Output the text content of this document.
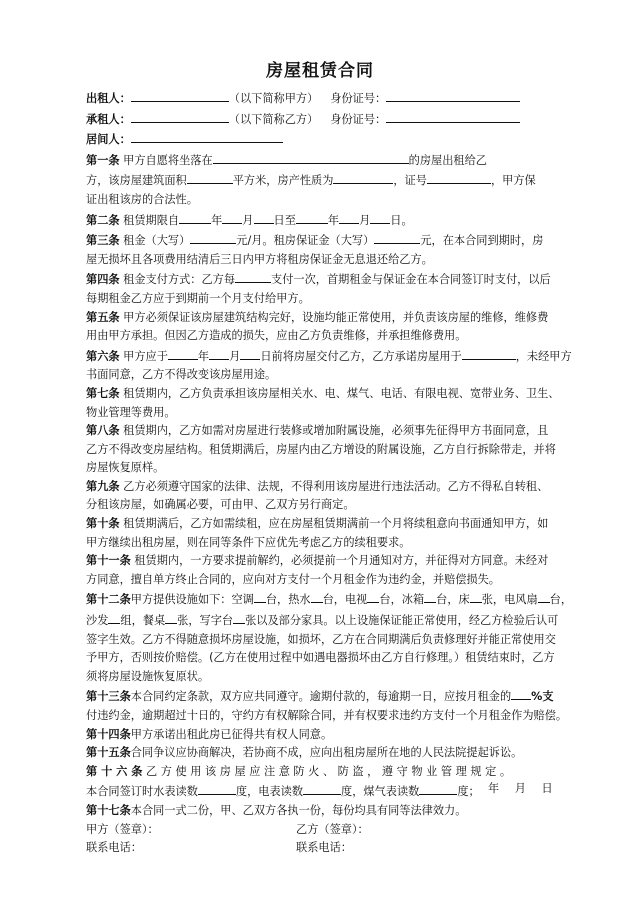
房屋租赁合同
出租人：	（以下简称甲方） 身份证号：
承租人：	（以下简称乙方） 身份证号：
居间人：
第一条 甲方自愿将坐落在	的房屋出租给乙
方，该房屋建筑面积	平方米，房产性质为	，证号	，甲方保
证出租该房的合法性。
第二条 租赁期限自	年 月 日至	年 月 日。
第三条 租金（大写）	元/月。租房保证金（大写）	元，在本合同到期时，房
屋无损坏且各项费用结清后三日内甲方将租房保证金无息退还给乙方。
第四条 租金支付方式：乙方每	支付一次，首期租金与保证金在本合同签订时支付，以后
每期租金乙方应于到期前一个月支付给甲方。
第五条 甲方必须保证该房屋建筑结构完好，设施均能正常使用，并负责该房屋的维修，维修费
用由甲方承担。但因乙方造成的损失，应由乙方负责维修，并承担维修费用。
第六条 甲方应于	年 月 日前将房屋交付乙方，乙方承诺房屋用于	，未经甲方
书面同意，乙方不得改变该房屋用途。
第七条 租赁期内，乙方负责承担该房屋相关水、电、煤气、电话、有限电视、宽带业务、卫生、
物业管理等费用。
第八条 租赁期内，乙方如需对房屋进行装修或增加附属设施，必须事先征得甲方书面同意，且
乙方不得改变房屋结构。租赁期满后，房屋内由乙方增设的附属设施，乙方自行拆除带走，并将
房屋恢复原样。
第九条 乙方必须遵守国家的法律、法规，不得利用该房屋进行违法活动。乙方不得私自转租、
分租该房屋，如确属必要，可由甲、乙双方另行商定。
第十条 租赁期满后，乙方如需续租，应在房屋租赁期满前一个月将续租意向书面通知甲方，如
甲方继续出租房屋，则在同等条件下应优先考虑乙方的续租要求。
第十一条 租赁期内，一方要求提前解约，必须提前一个月通知对方，并征得对方同意。未经对
方同意，擅自单方终止合同的，应向对方支付一个月租金作为违约金，并赔偿损失。
第十二条甲方提供设施如下：空调 台，热水 台，电视 台，冰箱 台，床 张，电风扇 台，
沙发 组，餐桌 张，写字台 张以及部分家具。以上设施保证能正常使用，经乙方检验后认可
签字生效。乙方不得随意损坏房屋设施，如损坏，乙方在合同期满后负责修理好并能正常使用交
予甲方，否则按价赔偿。(乙方在使用过程中如遇电器损坏由乙方自行修理。）租赁结束时，乙方
须将房屋设施恢复原状。
第十三条本合同约定条款，双方应共同遵守。逾期付款的，每逾期一日，应按月租金的 %支
付违约金，逾期超过十日的，守约方有权解除合同，并有权要求违约方支付一个月租金作为赔偿。
第十四条甲方承诺出租此房已征得共有权人同意。
第十五条合同争议应协商解决，若协商不成，应向出租房屋所在地的人民法院提起诉讼。
第 十 六 条 乙 方 使 用 该 房 屋 应 注 意 防 火 、 防 盗 ， 遵 守 物 业 管 理 规 定 。
本合同签订时水表读数	度，电表读数	度，煤气表读数	度；
第十七条本合同一式二份，甲、乙双方各执一份，每份均具有同等法律效力。
甲方（签章）：	乙方（签章）：
联系电话：	联系电话：
年 月 日
